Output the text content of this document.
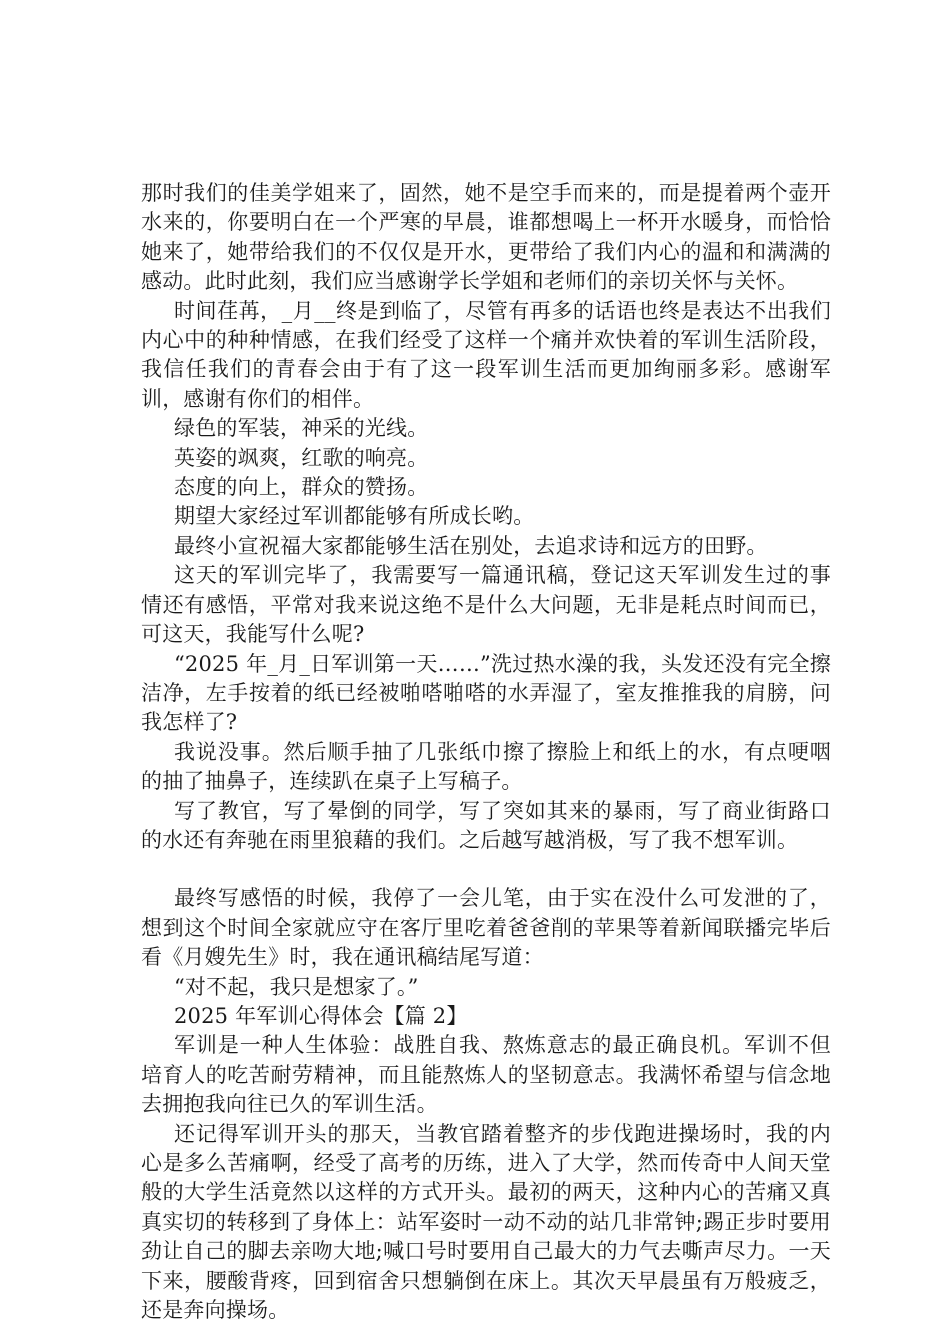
那时我们的佳美学姐来了，固然，她不是空手而来的，而是提着两个壶开水来的，你要明白在一个严寒的早晨，谁都想喝上一杯开水暖身，而恰恰她来了，她带给我们的不仅仅是开水，更带给了我们内心的温和和满满的感动。此时此刻，我们应当感谢学长学姐和老师们的亲切关怀与关怀。

时间荏苒，_月__终是到临了，尽管有再多的话语也终是表达不出我们内心中的种种情感，在我们经受了这样一个痛并欢快着的军训生活阶段，我信任我们的青春会由于有了这一段军训生活而更加绚丽多彩。感谢军训，感谢有你们的相伴。

绿色的军装，神采的光线。

英姿的飒爽，红歌的响亮。

态度的向上，群众的赞扬。

期望大家经过军训都能够有所成长哟。

最终小宣祝福大家都能够生活在别处，去追求诗和远方的田野。

这天的军训完毕了，我需要写一篇通讯稿，登记这天军训发生过的事情还有感悟，平常对我来说这绝不是什么大问题，无非是耗点时间而已，可这天，我能写什么呢?

“2025 年_月_日军训第一天……”洗过热水澡的我，头发还没有完全擦洁净，左手按着的纸已经被啪嗒啪嗒的水弄湿了，室友推推我的肩膀，问我怎样了?

我说没事。然后顺手抽了几张纸巾擦了擦脸上和纸上的水，有点哽咽的抽了抽鼻子，连续趴在桌子上写稿子。

写了教官，写了晕倒的同学，写了突如其来的暴雨，写了商业街路口的水还有奔驰在雨里狼藉的我们。之后越写越消极，写了我不想军训。

最终写感悟的时候，我停了一会儿笔，由于实在没什么可发泄的了，想到这个时间全家就应守在客厅里吃着爸爸削的苹果等着新闻联播完毕后看《月嫂先生》时，我在通讯稿结尾写道：

“对不起，我只是想家了。”

2025 年军训心得体会【篇 2】

军训是一种人生体验：战胜自我、熬炼意志的最正确良机。军训不但培育人的吃苦耐劳精神，而且能熬炼人的坚韧意志。我满怀希望与信念地去拥抱我向往已久的军训生活。

还记得军训开头的那天，当教官踏着整齐的步伐跑进操场时，我的内心是多么苦痛啊，经受了高考的历练，进入了大学，然而传奇中人间天堂般的大学生活竟然以这样的方式开头。最初的两天，这种内心的苦痛又真真实切的转移到了身体上：站军姿时一动不动的站几非常钟;踢正步时要用劲让自己的脚去亲吻大地;喊口号时要用自己最大的力气去嘶声尽力。一天下来，腰酸背疼，回到宿舍只想躺倒在床上。其次天早晨虽有万般疲乏，还是奔向操场。
